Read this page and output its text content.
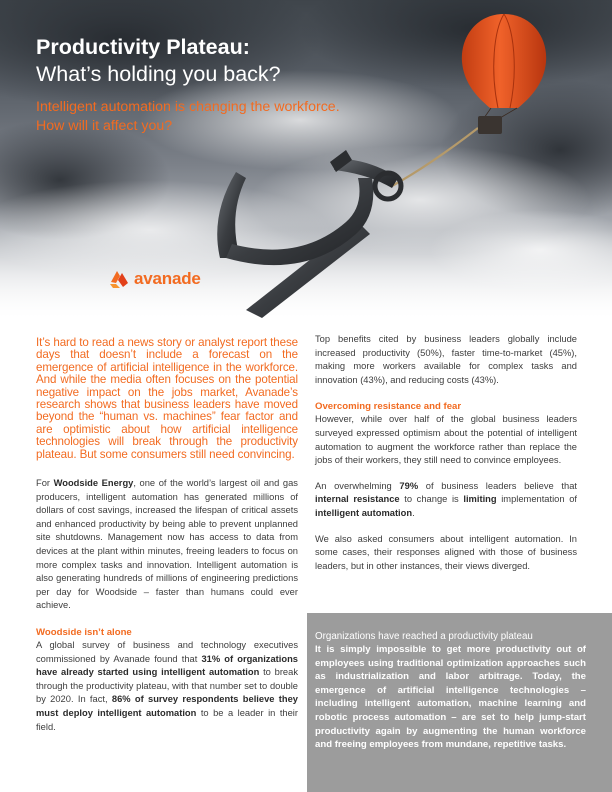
Productivity Plateau:
What’s holding you back?
Intelligent automation is changing the workforce.
How will it affect you?
avanade

It’s hard to read a news story or analyst report these days that doesn’t include a forecast on the emergence of artificial intelligence in the workforce. And while the media often focuses on the potential negative impact on the jobs market, Avanade’s research shows that business leaders have moved beyond the “human vs. machines” fear factor and are optimistic about how artificial intelligence technologies will break through the productivity plateau. But some consumers still need convincing.

For Woodside Energy, one of the world’s largest oil and gas producers, intelligent automation has generated millions of dollars of cost savings, increased the lifespan of critical assets and enhanced productivity by being able to prevent unplanned site shutdowns. Management now has access to data from devices at the plant within minutes, freeing leaders to focus on more complex tasks and innovation. Intelligent automation is also generating hundreds of millions of engineering predictions per day for Woodside – faster than humans could ever achieve.

Woodside isn’t alone

A global survey of business and technology executives commissioned by Avanade found that 31% of organizations have already started using intelligent automation to break through the productivity plateau, with that number set to double by 2020. In fact, 86% of survey respondents believe they must deploy intelligent automation to be a leader in their field.

Top benefits cited by business leaders globally include increased productivity (50%), faster time-to-market (45%), making more workers available for complex tasks and innovation (43%), and reducing costs (43%).

Overcoming resistance and fear

However, while over half of the global business leaders surveyed expressed optimism about the potential of intelligent automation to augment the workforce rather than replace the jobs of their workers, they still need to convince employees.

An overwhelming 79% of business leaders believe that internal resistance to change is limiting implementation of intelligent automation.

We also asked consumers about intelligent automation. In some cases, their responses aligned with those of business leaders, but in other instances, their views diverged.

Organizations have reached a productivity plateau

It is simply impossible to get more productivity out of employees using traditional optimization approaches such as industrialization and labor arbitrage. Today, the emergence of artificial intelligence technologies – including intelligent automation, machine learning and robotic process automation – are set to help jump-start productivity again by augmenting the human workforce and freeing employees from mundane, repetitive tasks.
